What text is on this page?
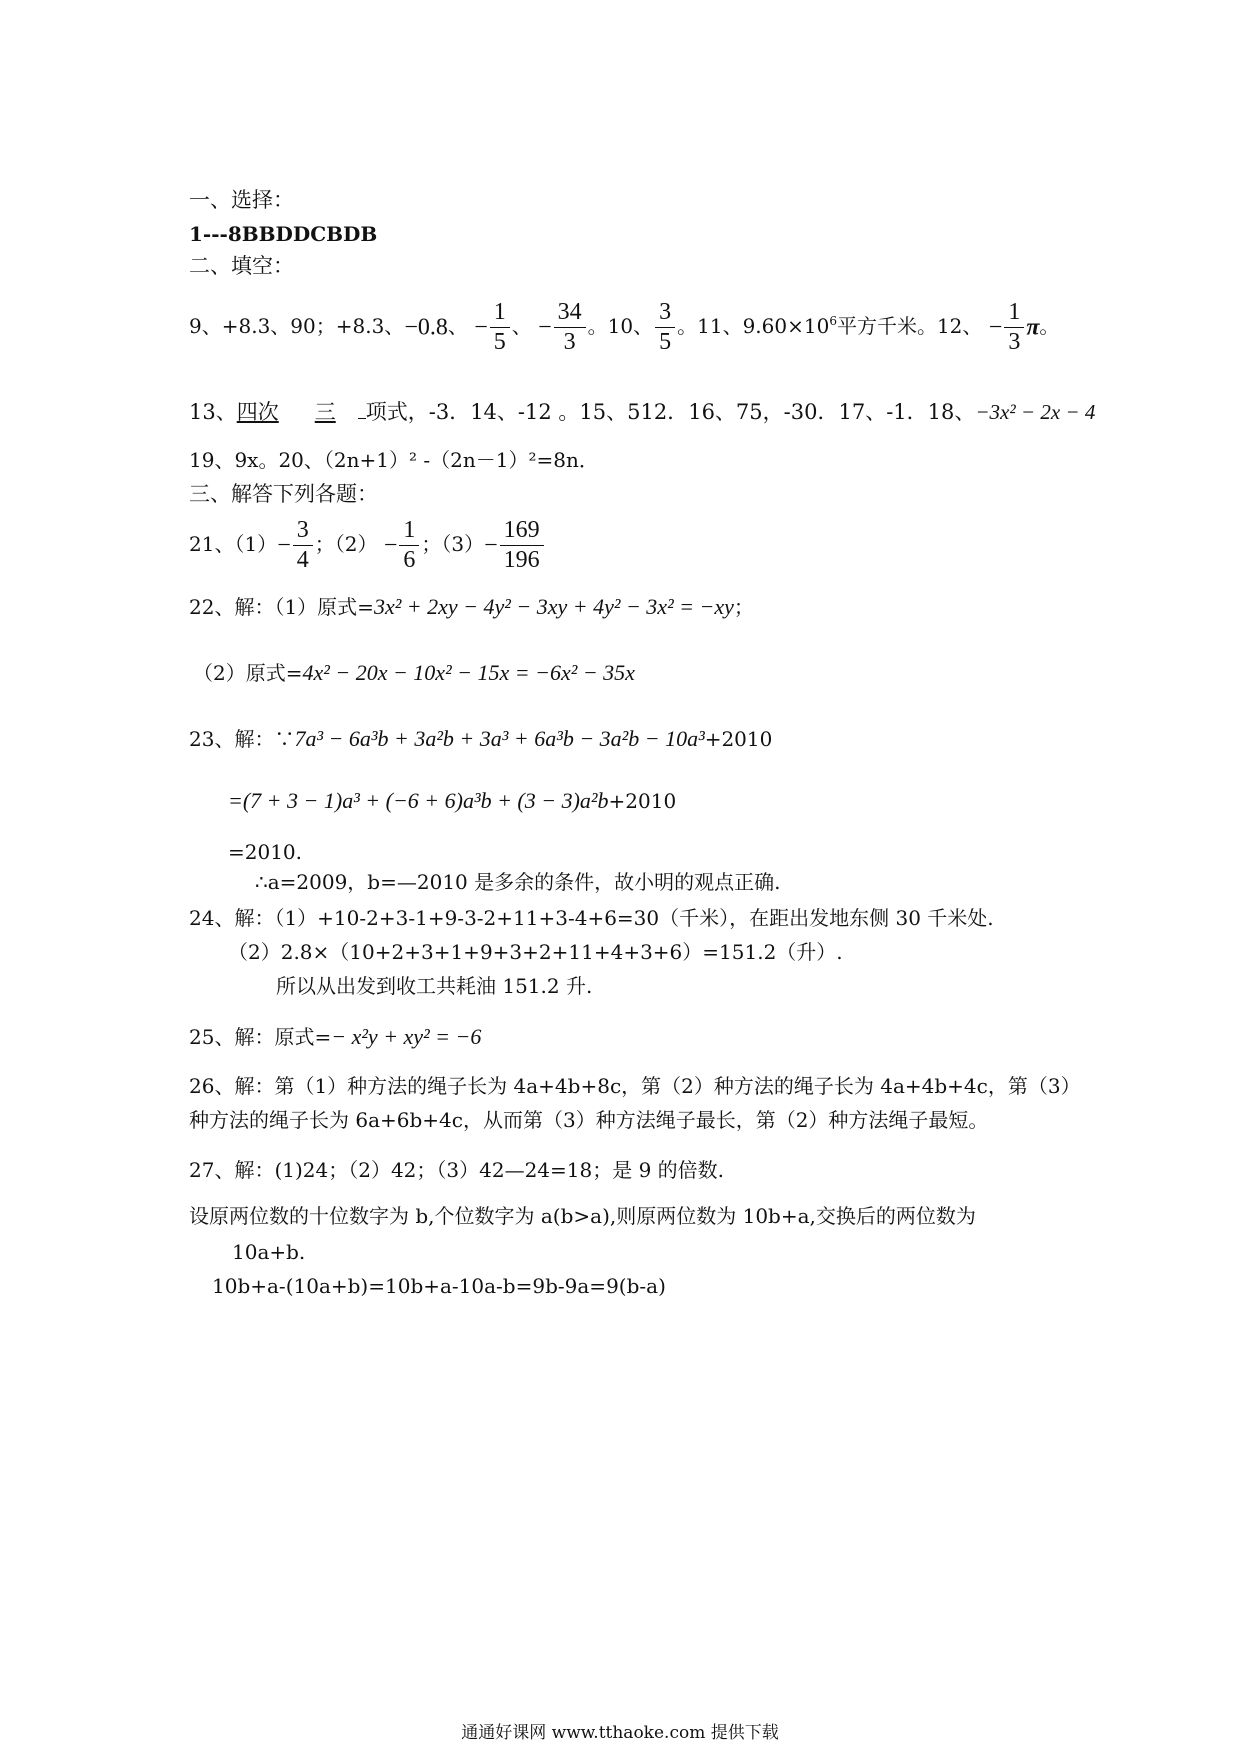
一、选择：
1---8BBDDCBDB
二、填空：
9、+8.3、90；+8.3、−0.8、 − $\frac{1}{5}$ 、 − $\frac{34}{3}$ 。10、 $\frac{3}{5}$ 。11、$9.60\times 10^6$平方千米。12、 − $\frac{1}{3}$ π。
13、四次 三 项式，-3．14、-12 。15、512．16、75，-30．17、-1．18、−3x² − 2x − 4
19、9x。20、（2n+1）² -（2n－1）²=8n．
三、解答下列各题：
21、$(1)- \frac{3}{4}$ ；$(2) - \frac{1}{6}$ ；$(3)- \frac{169}{196}$
22、解：（1）原式=3x² + 2xy − 4y² − 3xy + 4y² − 3x² = −xy；
（2）原式=4x² − 20x − 10x² − 15x = −6x² − 35x
23、解：∵7a³ − 6a³b + 3a²b + 3a³ + 6a³b − 3a²b − 10a³+2010
=(7 + 3 − 1)a³ + (−6 + 6)a³b + (3 − 3)a²b+2010
=2010.
∴a=2009，b=—2010 是多余的条件，故小明的观点正确.
24、解：（1）+10-2+3-1+9-3-2+11+3-4+6=30（千米），在距出发地东侧 30 千米处.
（2）2.8×（10+2+3+1+9+3+2+11+4+3+6）=151.2（升）.
所以从出发到收工共耗油 151.2 升.
25、解：原式=− x²y + xy² = −6
26、解：第（1）种方法的绳子长为 4a+4b+8c，第（2）种方法的绳子长为 4a+4b+4c，第（3）
种方法的绳子长为 6a+6b+4c，从而第（3）种方法绳子最长，第（2）种方法绳子最短。
27、解：(1)24；（2）42；（3）42—24=18；是 9 的倍数.
设原两位数的十位数字为 b,个位数字为 a(b>a),则原两位数为 10b+a,交换后的两位数为
10a+b.
10b+a-(10a+b)=10b+a-10a-b=9b-9a=9(b-a)
通通好课网 www.tthaoke.com 提供下载
